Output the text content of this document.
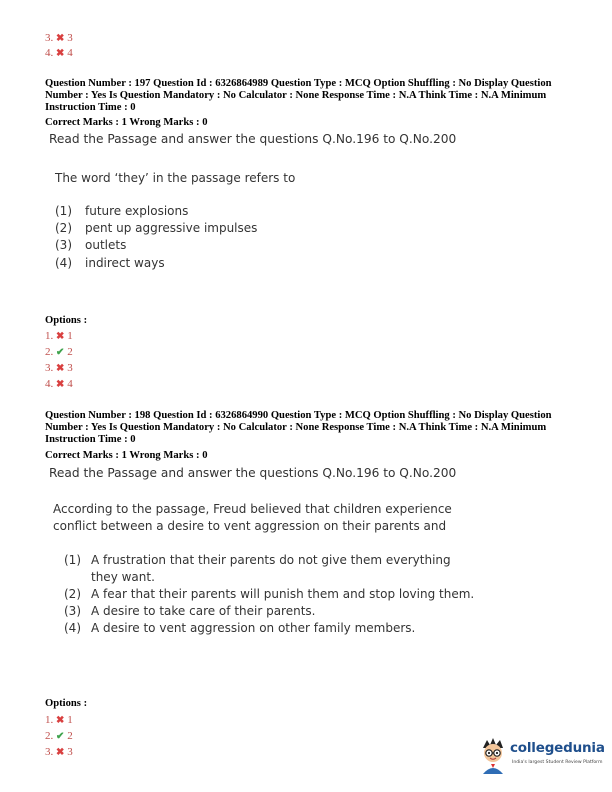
3. ✖ 3
4. ✖ 4
Question Number : 197 Question Id : 6326864989 Question Type : MCQ Option Shuffling : No Display Question
Number : Yes Is Question Mandatory : No Calculator : None Response Time : N.A Think Time : N.A Minimum
Instruction Time : 0
Correct Marks : 1 Wrong Marks : 0
Read the Passage and answer the questions Q.No.196 to Q.No.200
The word ‘they’ in the passage refers to
(1) future explosions
(2) pent up aggressive impulses
(3) outlets
(4) indirect ways
Options :
1. ✖ 1
2. ✔ 2
3. ✖ 3
4. ✖ 4
Question Number : 198 Question Id : 6326864990 Question Type : MCQ Option Shuffling : No Display Question
Number : Yes Is Question Mandatory : No Calculator : None Response Time : N.A Think Time : N.A Minimum
Instruction Time : 0
Correct Marks : 1 Wrong Marks : 0
Read the Passage and answer the questions Q.No.196 to Q.No.200
According to the passage, Freud believed that children experience
conflict between a desire to vent aggression on their parents and
(1) A frustration that their parents do not give them everything
they want.
(2) A fear that their parents will punish them and stop loving them.
(3) A desire to take care of their parents.
(4) A desire to vent aggression on other family members.
Options :
1. ✖ 1
2. ✔ 2
3. ✖ 3	collegedunia
India's largest Student Review Platform
